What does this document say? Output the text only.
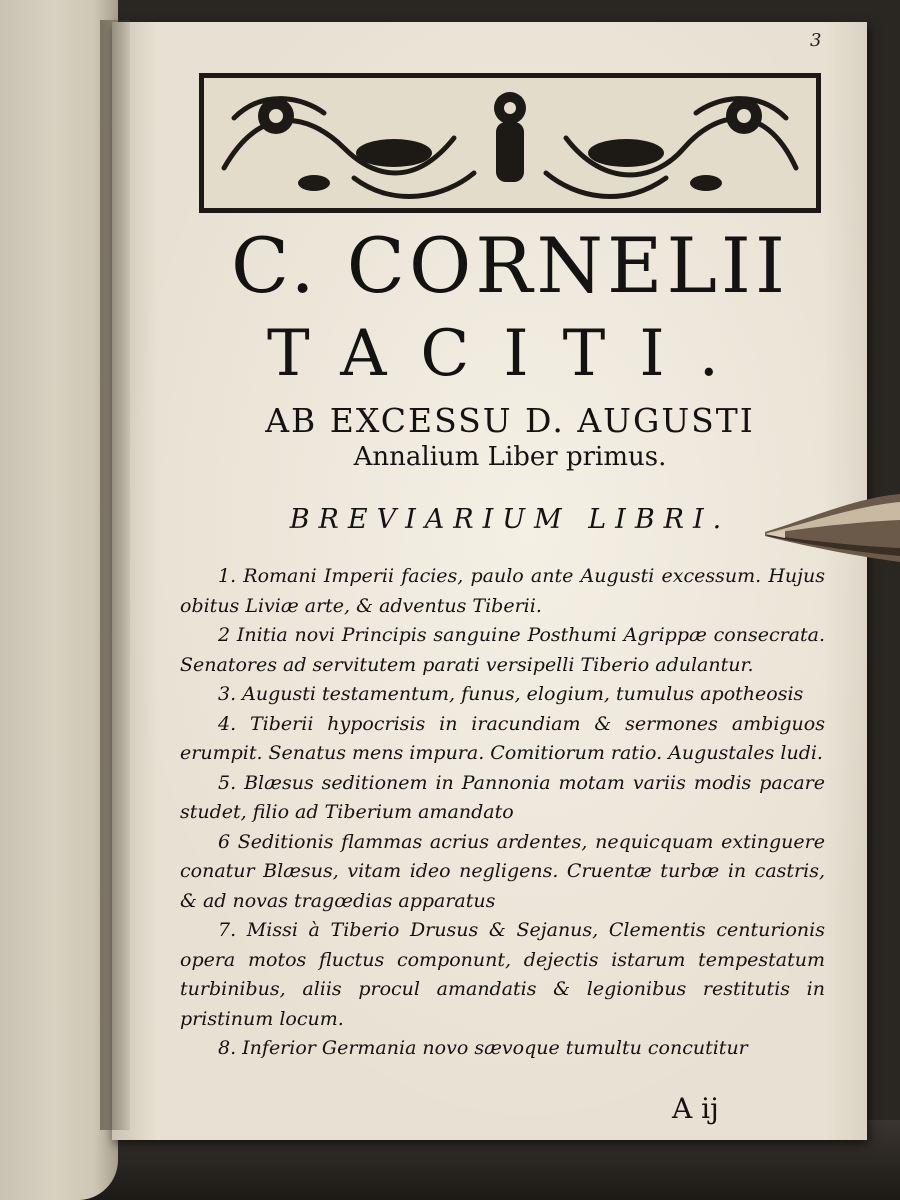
3
C. CORNELII
TACITI.
AB EXCESSU D. AUGUSTI
Annalium Liber primus.
BREVIARIUM LIBRI.

1. Romani Imperii facies, paulo ante Augusti excessum. Hujus obitus Liviæ arte, & adventus Tiberii.

2 Initia novi Principis sanguine Posthumi Agrippæ consecrata. Senatores ad servitutem parati versipelli Tiberio adulantur.

3. Augusti testamentum, funus, elogium, tumulus apotheosis

4. Tiberii hypocrisis in iracundiam & sermones ambiguos erumpit. Senatus mens impura. Comitiorum ratio. Augustales ludi.

5. Blæsus seditionem in Pannonia motam variis modis pacare studet, filio ad Tiberium amandato

6 Seditionis flammas acrius ardentes, nequicquam extinguere conatur Blæsus, vitam ideo negligens. Cruentæ turbæ in castris, & ad novas tragœdias apparatus

7. Missi à Tiberio Drusus & Sejanus, Clementis centurionis opera motos fluctus componunt, dejectis istarum tempestatum turbinibus, aliis procul amandatis & legionibus restitutis in pristinum locum.

8. Inferior Germania novo sævoque tumultu concutitur

A ij
